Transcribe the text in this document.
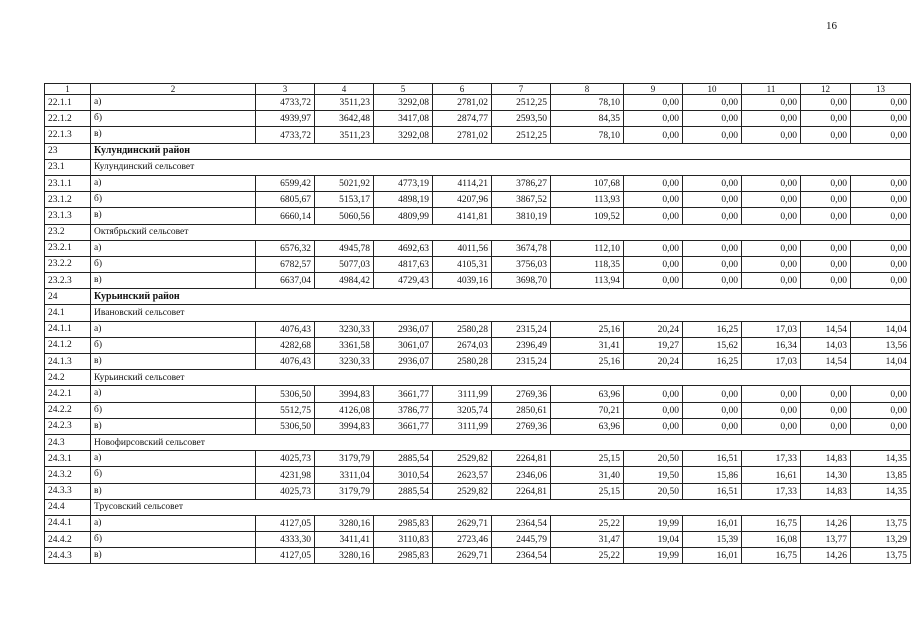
16
1	2	3	4	5	6	7	8	9	10	11	12	13
22.1.1	а)	4733,72	3511,23	3292,08	2781,02	2512,25	78,10	0,00	0,00	0,00	0,00	0,00
22.1.2	б)	4939,97	3642,48	3417,08	2874,77	2593,50	84,35	0,00	0,00	0,00	0,00	0,00
22.1.3	в)	4733,72	3511,23	3292,08	2781,02	2512,25	78,10	0,00	0,00	0,00	0,00	0,00
23	Кулундинский район											
23.1	Кулундинский сельсовет											
23.1.1	а)	6599,42	5021,92	4773,19	4114,21	3786,27	107,68	0,00	0,00	0,00	0,00	0,00
23.1.2	б)	6805,67	5153,17	4898,19	4207,96	3867,52	113,93	0,00	0,00	0,00	0,00	0,00
23.1.3	в)	6660,14	5060,56	4809,99	4141,81	3810,19	109,52	0,00	0,00	0,00	0,00	0,00
23.2	Октябрьский сельсовет											
23.2.1	а)	6576,32	4945,78	4692,63	4011,56	3674,78	112,10	0,00	0,00	0,00	0,00	0,00
23.2.2	б)	6782,57	5077,03	4817,63	4105,31	3756,03	118,35	0,00	0,00	0,00	0,00	0,00
23.2.3	в)	6637,04	4984,42	4729,43	4039,16	3698,70	113,94	0,00	0,00	0,00	0,00	0,00
24	Курьинский район											
24.1	Ивановский сельсовет											
24.1.1	а)	4076,43	3230,33	2936,07	2580,28	2315,24	25,16	20,24	16,25	17,03	14,54	14,04
24.1.2	б)	4282,68	3361,58	3061,07	2674,03	2396,49	31,41	19,27	15,62	16,34	14,03	13,56
24.1.3	в)	4076,43	3230,33	2936,07	2580,28	2315,24	25,16	20,24	16,25	17,03	14,54	14,04
24.2	Курьинский сельсовет											
24.2.1	а)	5306,50	3994,83	3661,77	3111,99	2769,36	63,96	0,00	0,00	0,00	0,00	0,00
24.2.2	б)	5512,75	4126,08	3786,77	3205,74	2850,61	70,21	0,00	0,00	0,00	0,00	0,00
24.2.3	в)	5306,50	3994,83	3661,77	3111,99	2769,36	63,96	0,00	0,00	0,00	0,00	0,00
24.3	Новофирсовский сельсовет											
24.3.1	а)	4025,73	3179,79	2885,54	2529,82	2264,81	25,15	20,50	16,51	17,33	14,83	14,35
24.3.2	б)	4231,98	3311,04	3010,54	2623,57	2346,06	31,40	19,50	15,86	16,61	14,30	13,85
24.3.3	в)	4025,73	3179,79	2885,54	2529,82	2264,81	25,15	20,50	16,51	17,33	14,83	14,35
24.4	Трусовский сельсовет											
24.4.1	а)	4127,05	3280,16	2985,83	2629,71	2364,54	25,22	19,99	16,01	16,75	14,26	13,75
24.4.2	б)	4333,30	3411,41	3110,83	2723,46	2445,79	31,47	19,04	15,39	16,08	13,77	13,29
24.4.3	в)	4127,05	3280,16	2985,83	2629,71	2364,54	25,22	19,99	16,01	16,75	14,26	13,75
